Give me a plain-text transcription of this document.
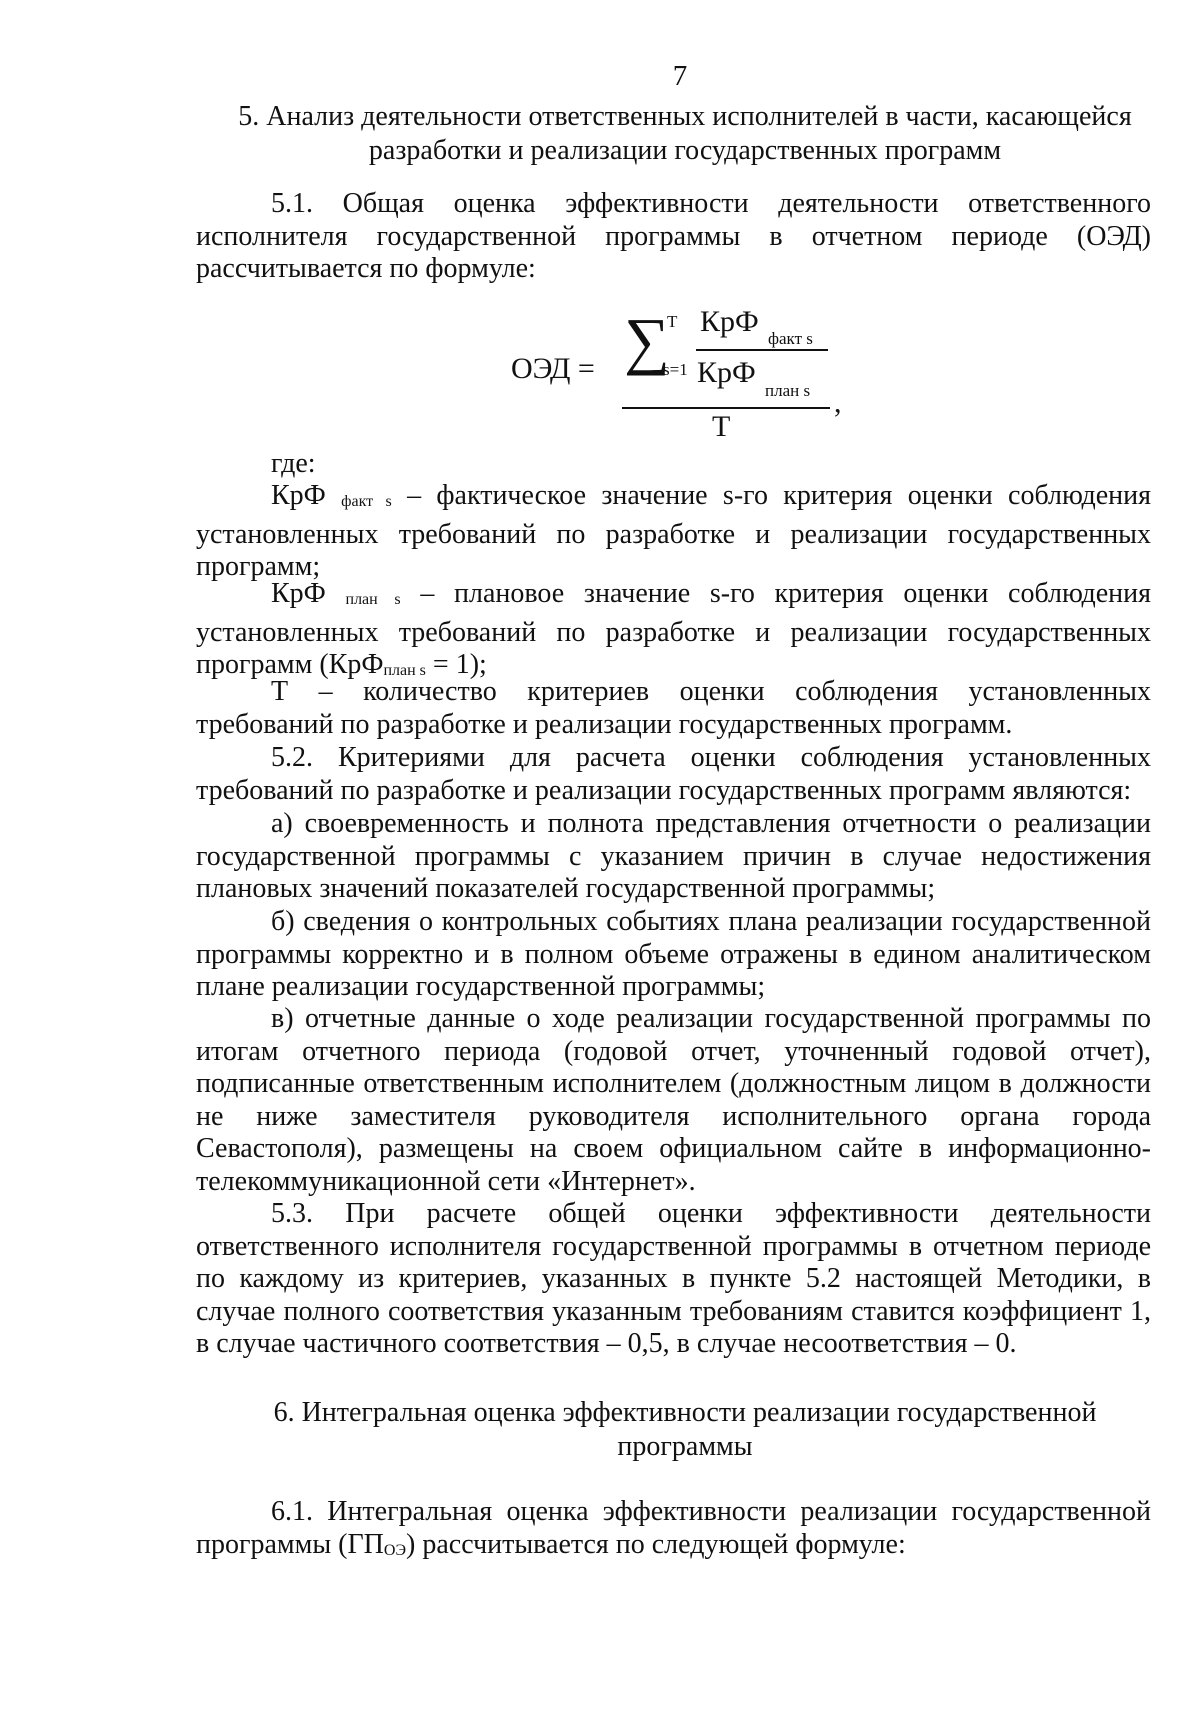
7
5. Анализ деятельности ответственных исполнителей в части, касающейся разработки и реализации государственных программ
5.1. Общая оценка эффективности деятельности ответственного исполнителя государственной программы в отчетном периоде (ОЭД) рассчитывается по формуле:
ОЭД = ∑
T
s=1
КрФ
факт s
КрФ
план s
Т
,
где:
КрФ факт s – фактическое значение s-го критерия оценки соблюдения установленных требований по разработке и реализации государственных программ;
КрФ план s – плановое значение s-го критерия оценки соблюдения установленных требований по разработке и реализации государственных программ (КрФплан s = 1);
Т – количество критериев оценки соблюдения установленных требований по разработке и реализации государственных программ.
5.2. Критериями для расчета оценки соблюдения установленных требований по разработке и реализации государственных программ являются:
а) своевременность и полнота представления отчетности о реализации государственной программы с указанием причин в случае недостижения плановых значений показателей государственной программы;
б) сведения о контрольных событиях плана реализации государственной программы корректно и в полном объеме отражены в едином аналитическом плане реализации государственной программы;
в) отчетные данные о ходе реализации государственной программы по итогам отчетного периода (годовой отчет, уточненный годовой отчет), подписанные ответственным исполнителем (должностным лицом в должности не ниже заместителя руководителя исполнительного органа города Севастополя), размещены на своем официальном сайте в информационно-телекоммуникационной сети «Интернет».
5.3. При расчете общей оценки эффективности деятельности ответственного исполнителя государственной программы в отчетном периоде по каждому из критериев, указанных в пункте 5.2 настоящей Методики, в случае полного соответствия указанным требованиям ставится коэффициент 1, в случае частичного соответствия – 0,5, в случае несоответствия – 0.
6. Интегральная оценка эффективности реализации государственной программы
6.1. Интегральная оценка эффективности реализации государственной программы (ГПОЭ) рассчитывается по следующей формуле:
